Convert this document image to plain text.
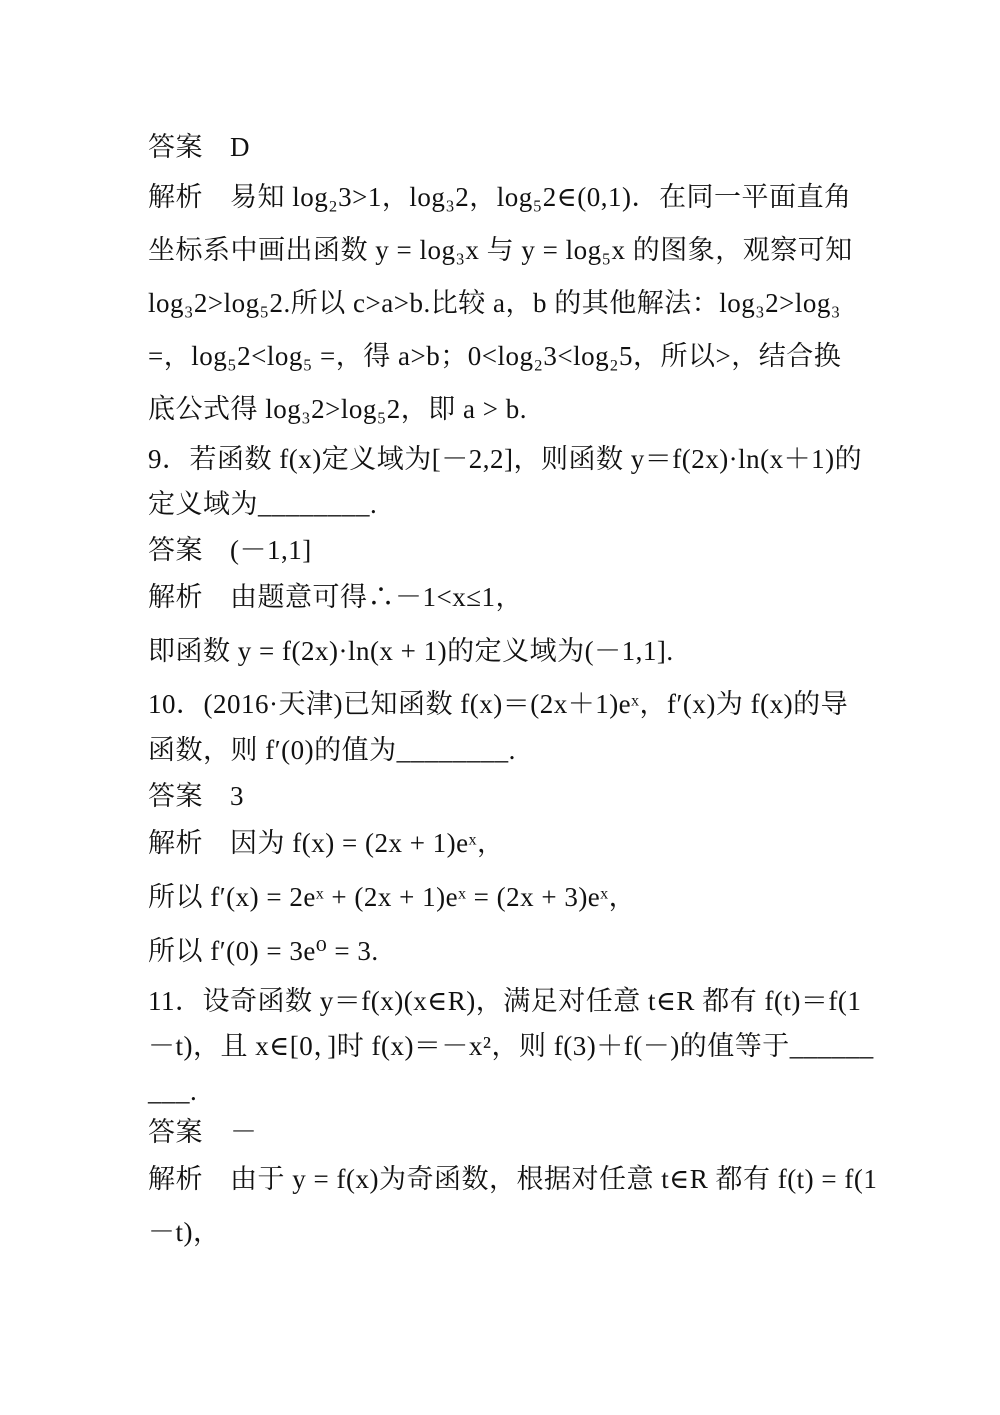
答案 D
解析 易知 log₂3>1，log₃2，log₅2∈(0,1)．在同一平面直角
坐标系中画出函数 y = log₃x 与 y = log₅x 的图象，观察可知
log₃2>log₅2.所以 c>a>b.比较 a，b 的其他解法：log₃2>log₃
=，log₅2<log₅ =，得 a>b；0<log₂3<log₂5，所以>，结合换
底公式得 log₃2>log₅2，即 a > b.
9．若函数 f(x)定义域为[－2,2]，则函数 y＝f(2x)·ln(x＋1)的
定义域为________.
答案 (－1,1]
解析 由题意可得∴－1<x≤1，
即函数 y = f(2x)·ln(x + 1)的定义域为(－1,1].
10．(2016·天津)已知函数 f(x)＝(2x＋1)eˣ，f′(x)为 f(x)的导
函数，则 f′(0)的值为________.
答案 3
解析 因为 f(x) = (2x + 1)eˣ，
所以 f′(x) = 2eˣ + (2x + 1)eˣ = (2x + 3)eˣ，
所以 f′(0) = 3e⁰ = 3.
11．设奇函数 y＝f(x)(x∈R)，满足对任意 t∈R 都有 f(t)＝f(1
－t)，且 x∈[0，]时 f(x)＝－x²，则 f(3)＋f(－)的值等于______
___.
答案 －
解析 由于 y = f(x)为奇函数，根据对任意 t∈R 都有 f(t) = f(1
－t)，
